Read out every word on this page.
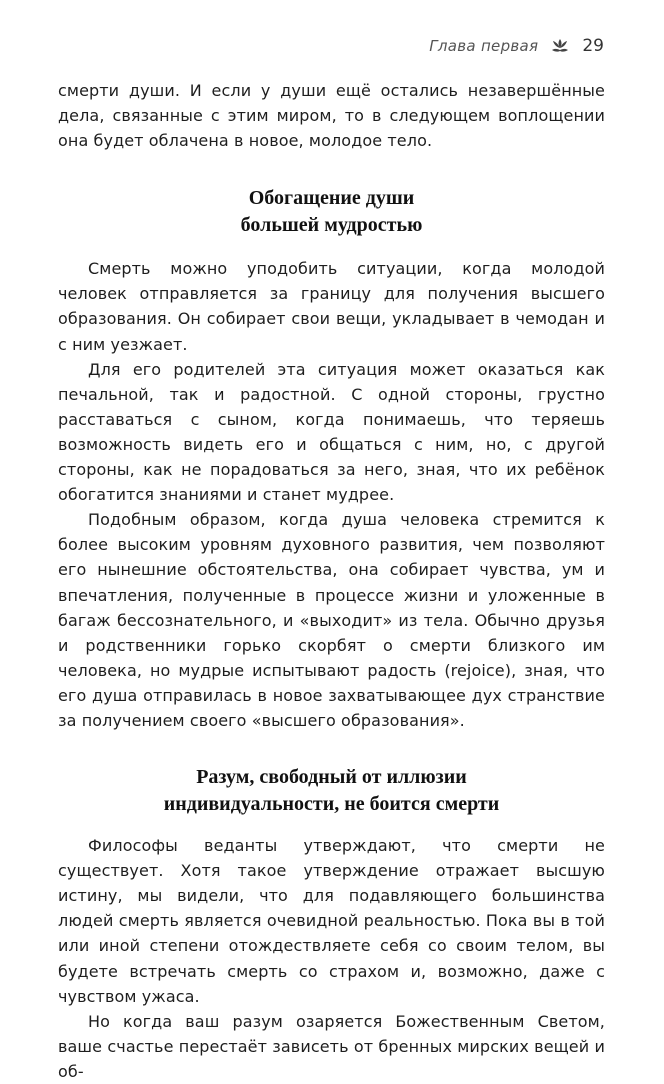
Глава первая	29

смерти души. И если у души ещё остались незавершённые дела, связанные с этим миром, то в следующем воплощении она будет облачена в новое, молодое тело.

Обогащение души
большей мудростью

Смерть можно уподобить ситуации, когда молодой человек отправляется за границу для получения высшего образования. Он собирает свои вещи, укладывает в чемодан и с ним уезжает.

Для его родителей эта ситуация может оказаться как печальной, так и радостной. С одной стороны, грустно расставаться с сыном, когда понимаешь, что теряешь возможность видеть его и общаться с ним, но, с другой стороны, как не порадоваться за него, зная, что их ребёнок обогатится знаниями и станет мудрее.

Подобным образом, когда душа человека стремится к более высоким уровням духовного развития, чем позволяют его нынешние обстоятельства, она собирает чувства, ум и впечатления, полученные в процессе жизни и уложенные в багаж бессознательного, и «выходит» из тела. Обычно друзья и родственники горько скорбят о смерти близкого им человека, но мудрые испытывают радость (rejoice), зная, что его душа отправилась в новое захватывающее дух странствие за получением своего «высшего образования».

Разум, свободный от иллюзии
индивидуальности, не боится смерти

Философы веданты утверждают, что смерти не существует. Хотя такое утверждение отражает высшую истину, мы видели, что для подавляющего большинства людей смерть является очевидной реальностью. Пока вы в той или иной степени отождествляете себя со своим телом, вы будете встречать смерть со страхом и, возможно, даже с чувством ужаса.

Но когда ваш разум озаряется Божественным Светом, ваше счастье перестаёт зависеть от бренных мирских вещей и об-
